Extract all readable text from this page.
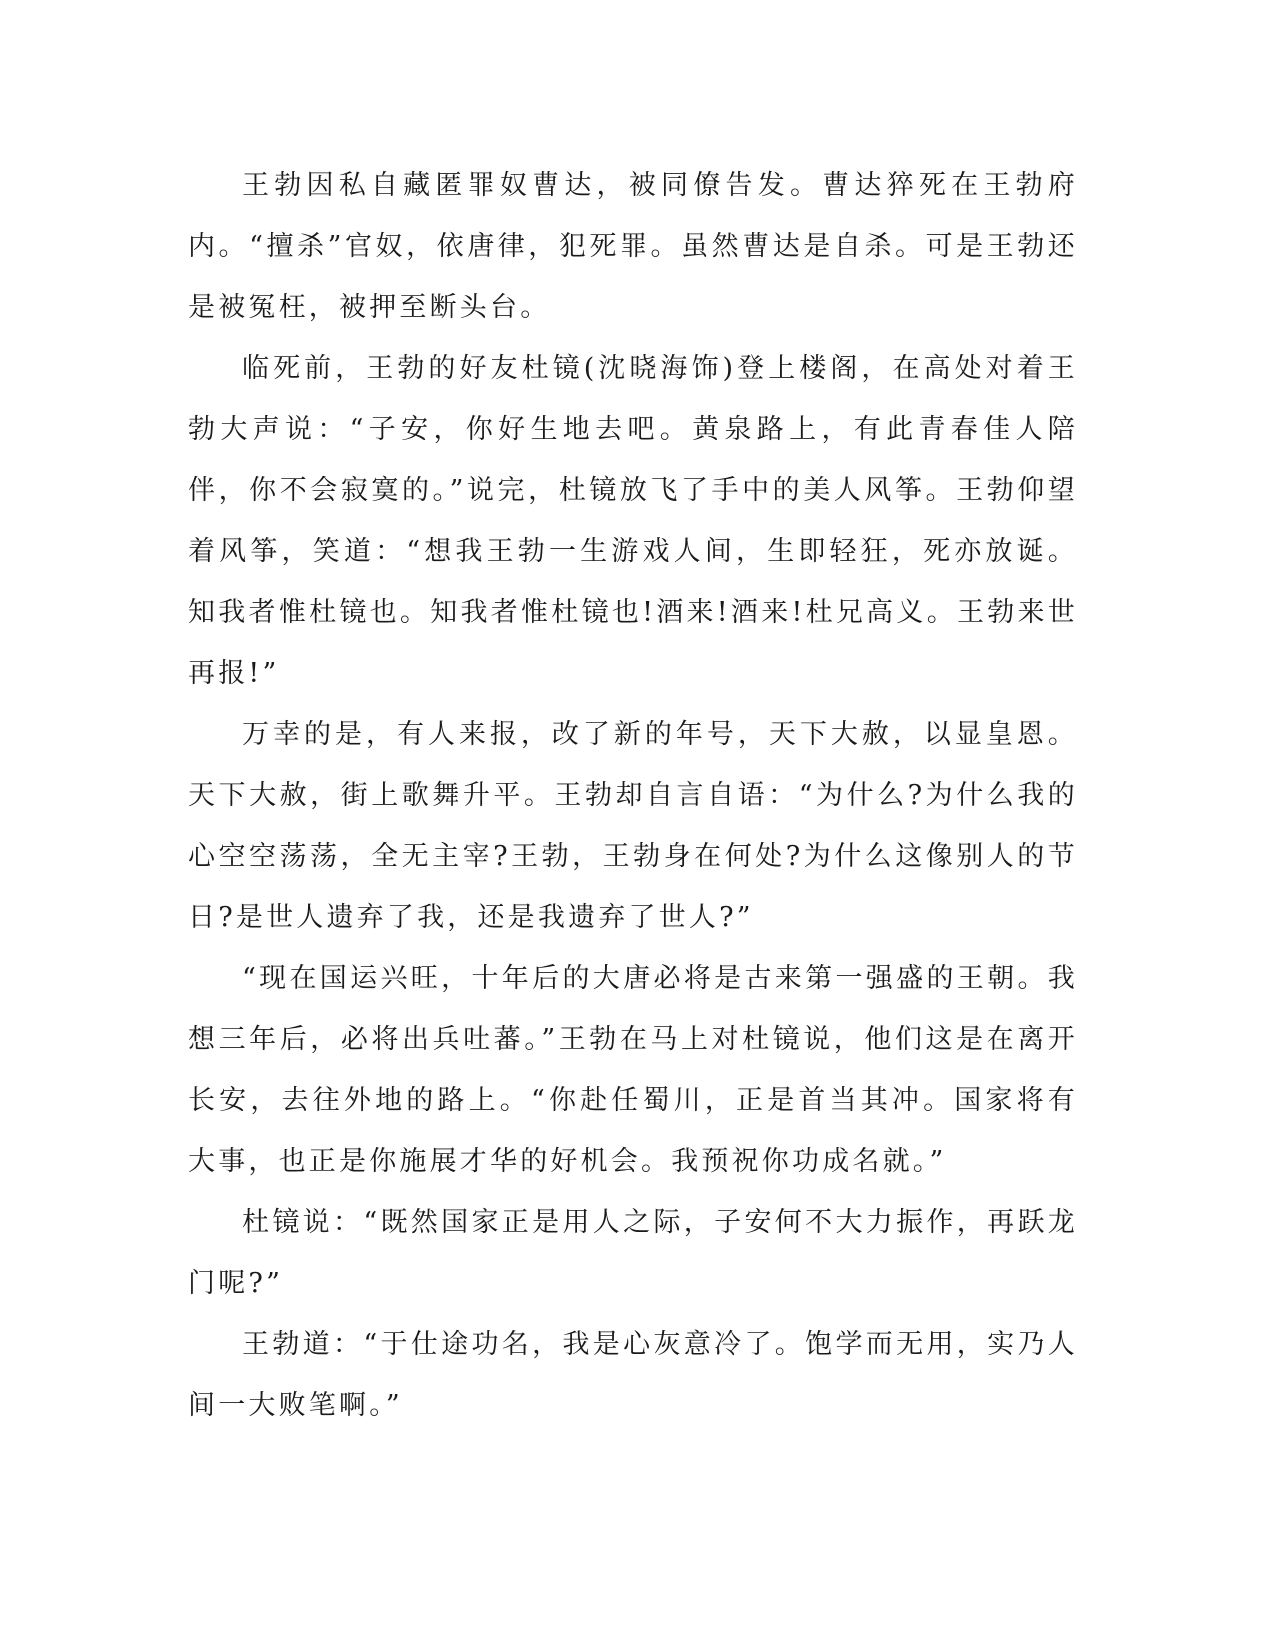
王勃因私自藏匿罪奴曹达，被同僚告发。曹达猝死在王勃府内。“擅杀”官奴，依唐律，犯死罪。虽然曹达是自杀。可是王勃还是被冤枉，被押至断头台。

临死前，王勃的好友杜镜(沈晓海饰)登上楼阁，在高处对着王勃大声说：“子安，你好生地去吧。黄泉路上，有此青春佳人陪伴，你不会寂寞的。”说完，杜镜放飞了手中的美人风筝。王勃仰望着风筝，笑道：“想我王勃一生游戏人间，生即轻狂，死亦放诞。知我者惟杜镜也。知我者惟杜镜也!酒来!酒来!杜兄高义。王勃来世再报!”

万幸的是，有人来报，改了新的年号，天下大赦，以显皇恩。天下大赦，街上歌舞升平。王勃却自言自语：“为什么?为什么我的心空空荡荡，全无主宰?王勃，王勃身在何处?为什么这像别人的节日?是世人遗弃了我，还是我遗弃了世人?”

“现在国运兴旺，十年后的大唐必将是古来第一强盛的王朝。我想三年后，必将出兵吐蕃。”王勃在马上对杜镜说，他们这是在离开长安，去往外地的路上。“你赴任蜀川，正是首当其冲。国家将有大事，也正是你施展才华的好机会。我预祝你功成名就。”

杜镜说：“既然国家正是用人之际，子安何不大力振作，再跃龙门呢?”

王勃道：“于仕途功名，我是心灰意冷了。饱学而无用，实乃人间一大败笔啊。”
